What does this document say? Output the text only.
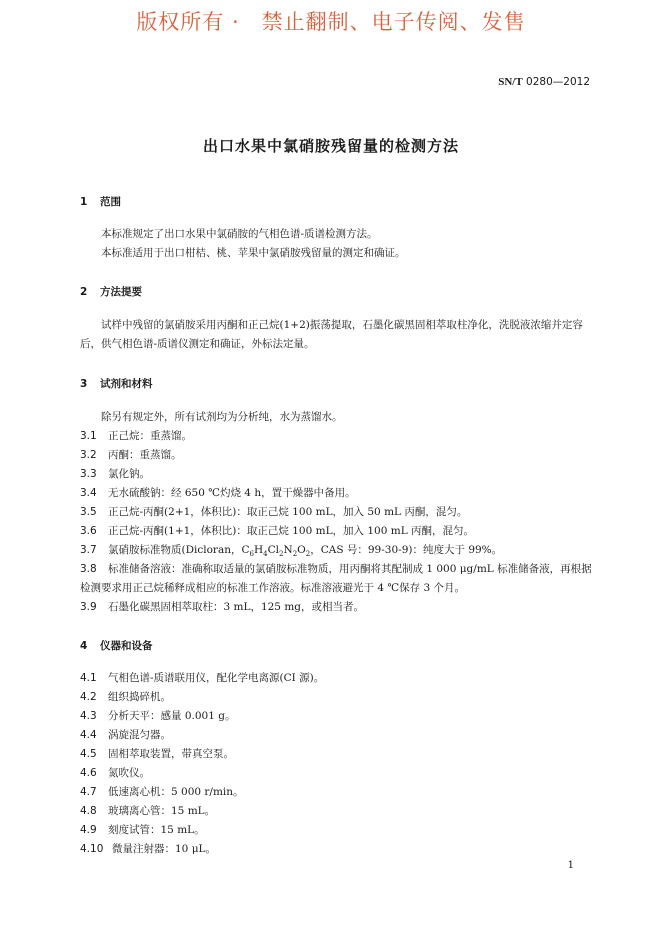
版权所有 ·　禁止翻制、电子传阅、发售
SN/T 0280—2012
出口水果中氯硝胺残留量的检测方法
1 范围
本标准规定了出口水果中氯硝胺的气相色谱-质谱检测方法。
本标准适用于出口柑桔、桃、苹果中氯硝胺残留量的测定和确证。
2 方法提要
试样中残留的氯硝胺采用丙酮和正己烷(1+2)振荡提取，石墨化碳黑固相萃取柱净化，洗脱液浓缩并定容后，供气相色谱-质谱仪测定和确证，外标法定量。
3 试剂和材料
除另有规定外，所有试剂均为分析纯，水为蒸馏水。
3.1 正己烷：重蒸馏。
3.2 丙酮：重蒸馏。
3.3 氯化钠。
3.4 无水硫酸钠：经 650 ℃灼烧 4 h，置干燥器中备用。
3.5 正己烷-丙酮(2+1，体积比)：取正己烷 100 mL，加入 50 mL 丙酮，混匀。
3.6 正己烷-丙酮(1+1，体积比)：取正己烷 100 mL，加入 100 mL 丙酮，混匀。
3.7 氯硝胺标准物质(Dicloran，$C_6H_4Cl_2N_2O_2$，CAS 号：99-30-9)：纯度大于 99%。
3.8 标准储备溶液：准确称取适量的氯硝胺标准物质，用丙酮将其配制成 1 000 μg/mL 标准储备液，再根据检测要求用正己烷稀释成相应的标准工作溶液。标准溶液避光于 4 ℃保存 3 个月。
3.9 石墨化碳黑固相萃取柱：3 mL，125 mg，或相当者。
4 仪器和设备
4.1 气相色谱-质谱联用仪，配化学电离源(CI 源)。
4.2 组织捣碎机。
4.3 分析天平：感量 0.001 g。
4.4 涡旋混匀器。
4.5 固相萃取装置，带真空泵。
4.6 氮吹仪。
4.7 低速离心机：5 000 r/min。
4.8 玻璃离心管：15 mL。
4.9 刻度试管：15 mL。
4.10 微量注射器：10 μL。
1
